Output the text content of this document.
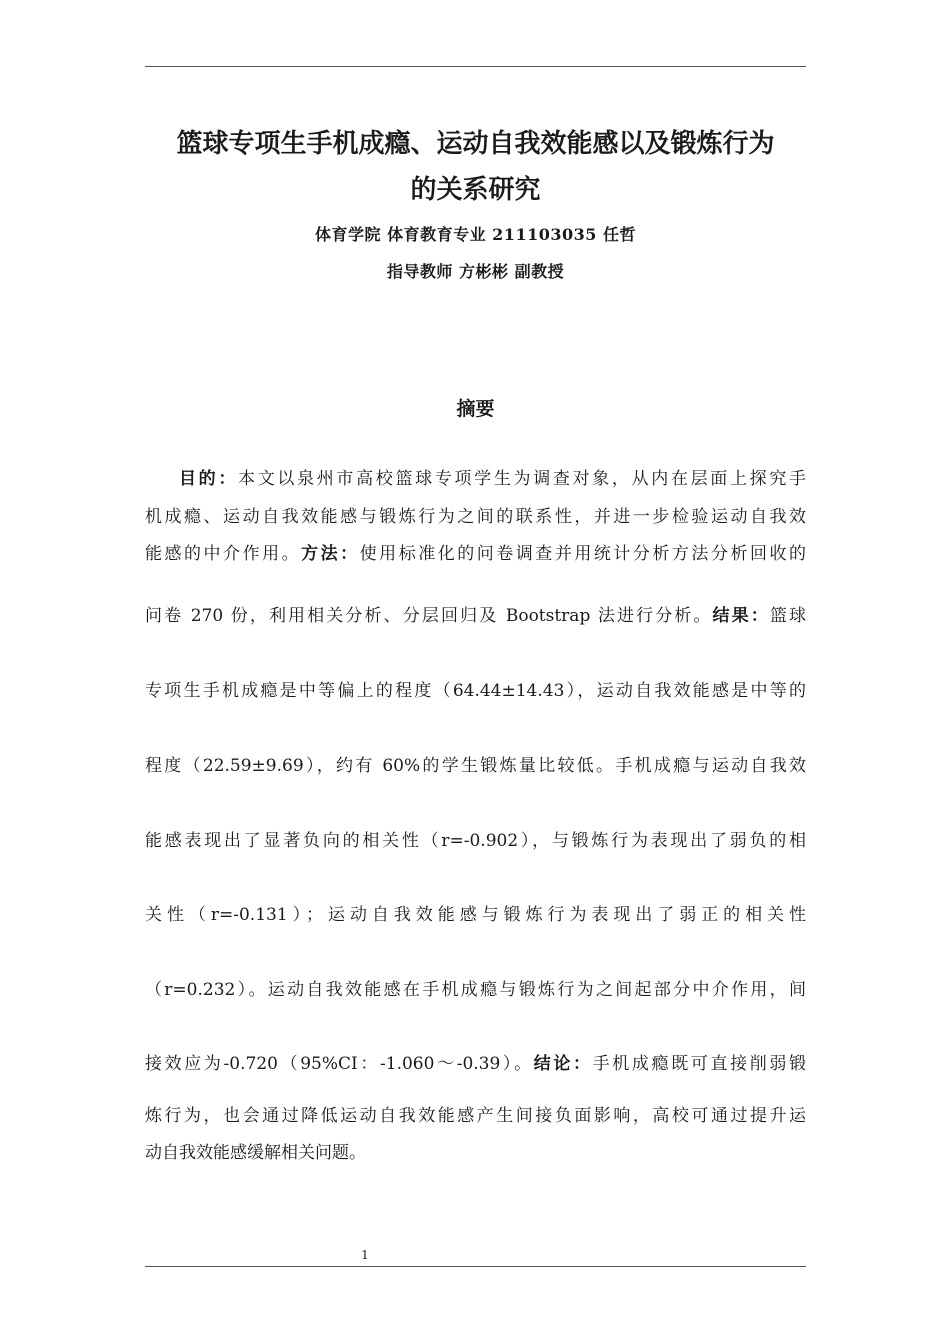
篮球专项生手机成瘾、运动自我效能感以及锻炼行为
的关系研究

体育学院 体育教育专业 211103035 任哲

指导教师 方彬彬 副教授

摘要

目的：本文以泉州市高校篮球专项学生为调查对象，从内在层面上探究手

机成瘾、运动自我效能感与锻炼行为之间的联系性，并进一步检验运动自我效

能感的中介作用。方法：使用标准化的问卷调查并用统计分析方法分析回收的

问卷 270 份，利用相关分析、分层回归及 Bootstrap 法进行分析。结果：篮球

专项生手机成瘾是中等偏上的程度（64.44±14.43），运动自我效能感是中等的

程度（22.59±9.69），约有 60%的学生锻炼量比较低。手机成瘾与运动自我效

能感表现出了显著负向的相关性（r=-0.902），与锻炼行为表现出了弱负的相

关性（r=-0.131）；运动自我效能感与锻炼行为表现出了弱正的相关性

（r=0.232）。运动自我效能感在手机成瘾与锻炼行为之间起部分中介作用，间

接效应为-0.720（95%CI：-1.060～-0.39）。结论：手机成瘾既可直接削弱锻

炼行为，也会通过降低运动自我效能感产生间接负面影响，高校可通过提升运

动自我效能感缓解相关问题。

1
